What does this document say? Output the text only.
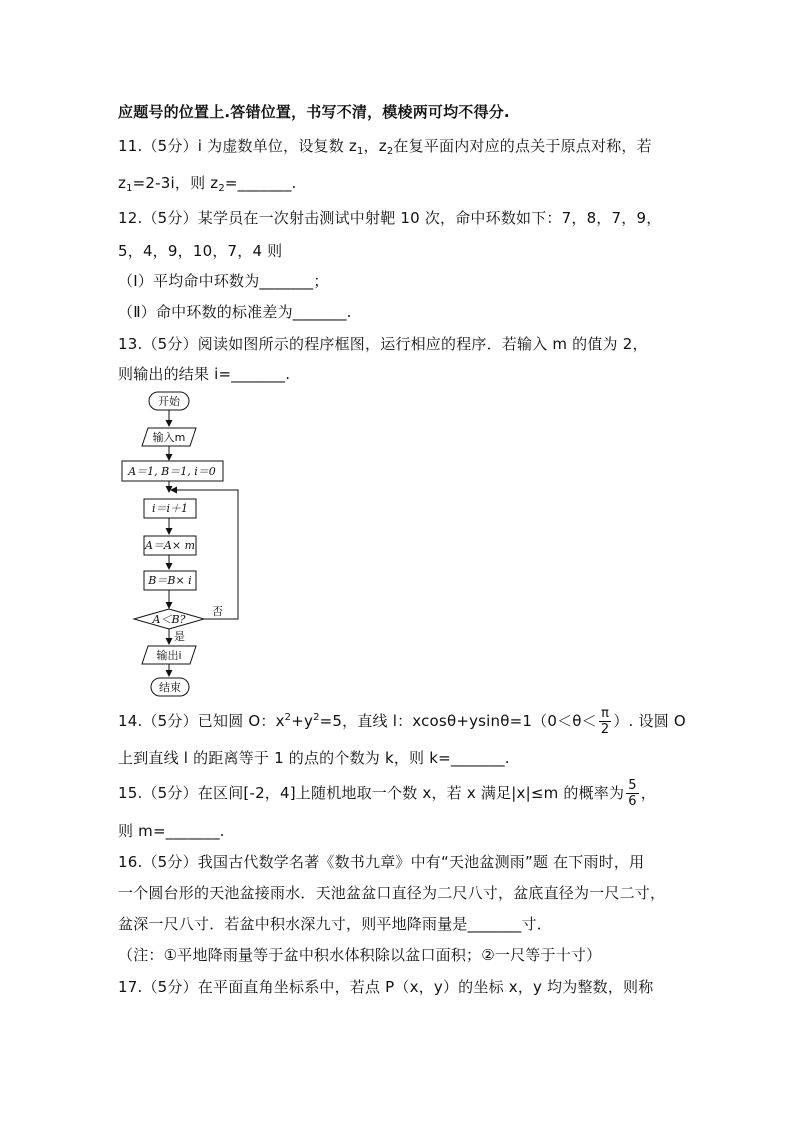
应题号的位置上.答错位置，书写不清，模棱两可均不得分.
11.（5分）i 为虚数单位，设复数 $z_1$，$z_2$在复平面内对应的点关于原点对称，若
$z_1=2-3i$，则 $z_2=\_\_\_\_\_\_\_$.
12.（5分）某学员在一次射击测试中射靶 10 次，命中环数如下：7，8，7，9，
5，4，9，10，7，4 则
（Ⅰ）平均命中环数为_______；
（Ⅱ）命中环数的标准差为_______.
13.（5分）阅读如图所示的程序框图，运行相应的程序．若输入 m 的值为 2，
则输出的结果 i=_______.
开始
输入m
A＝1, B＝1, i＝0
i＝i＋1
A＝A× m
B＝B× i
A＜B?
否
是
输出i
结束
14.（5分）已知圆 O：$x^2+y^2=5$，直线 l：$xcos\theta+ysin\theta=1(0<\theta< \frac{\pi}{2}$ ）. 设圆 O
上到直线 l 的距离等于 1 的点的个数为 k，则 k=_______.
15.（5分）在区间[-2，4]上随机地取一个数 x，若 x 满足|x|≤m 的概率为 $\frac{5}{6}$ ，
则 m=_______.
16.（5分）我国古代数学名著《数书九章》中有“天池盆测雨”题 在下雨时，用
一个圆台形的天池盆接雨水．天池盆盆口直径为二尺八寸，盆底直径为一尺二寸，
盆深一尺八寸．若盆中积水深九寸，则平地降雨量是_______寸．
（注：①平地降雨量等于盆中积水体积除以盆口面积；②一尺等于十寸）
17.（5分）在平面直角坐标系中，若点 P（x，y）的坐标 x，y 均为整数，则称
